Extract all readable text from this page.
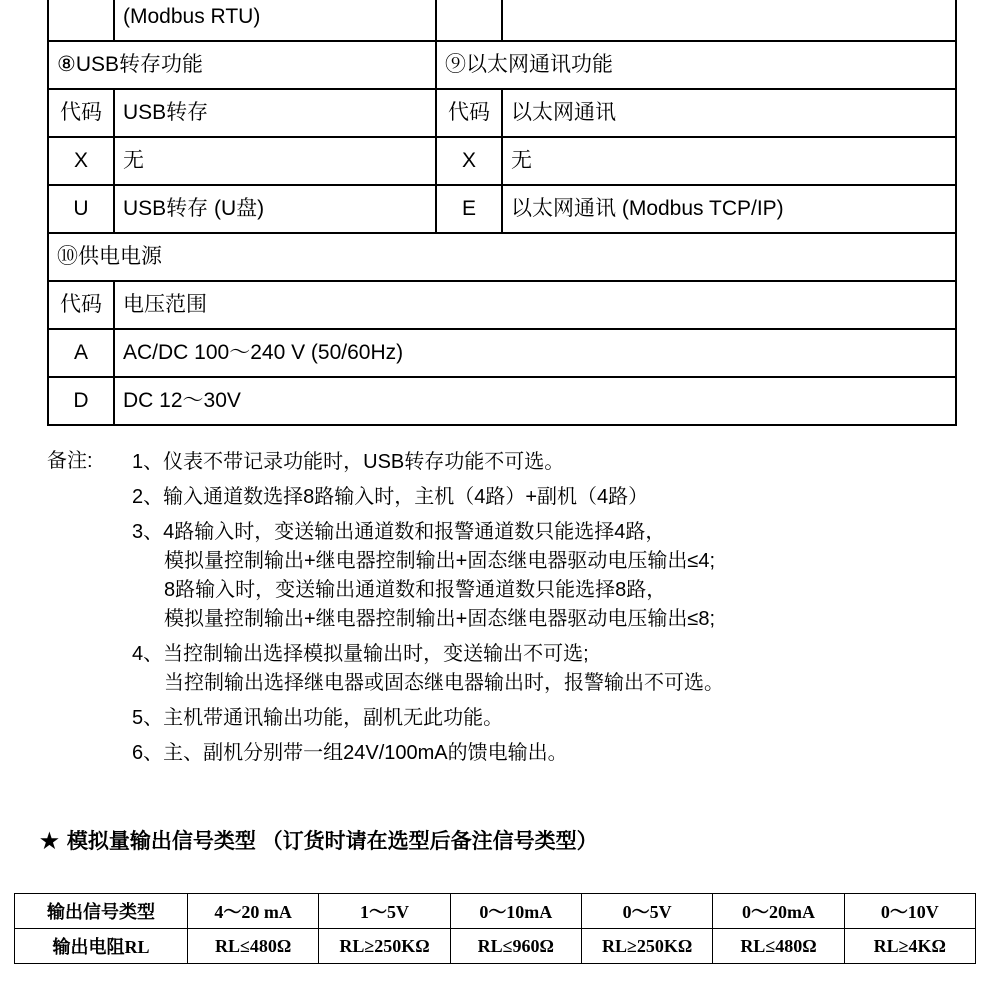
	(Modbus RTU)		
⑧USB转存功能		⑨以太网通讯功能	
代码	USB转存	代码	以太网通讯
X	无	X	无
U	USB转存 (U盘)	E	以太网通讯 (Modbus TCP/IP)
⑩供电电源			
代码	电压范围		
A	AC/DC 100～240 V (50/60Hz)		
D	DC 12～30V		
备注: 1、仪表不带记录功能时，USB转存功能不可选。
2、输入通道数选择8路输入时，主机（4路）+副机（4路）
3、4路输入时，变送输出通道数和报警通道数只能选择4路，
模拟量控制输出+继电器控制输出+固态继电器驱动电压输出≤4;
8路输入时，变送输出通道数和报警通道数只能选择8路，
模拟量控制输出+继电器控制输出+固态继电器驱动电压输出≤8;
4、当控制输出选择模拟量输出时，变送输出不可选;
当控制输出选择继电器或固态继电器输出时，报警输出不可选。
5、主机带通讯输出功能，副机无此功能。
6、主、副机分别带一组24V/100mA的馈电输出。
★ 模拟量输出信号类型 （订货时请在选型后备注信号类型）
输出信号类型	4～20 mA	1～5V	0～10mA	0～5V	0～20mA	0～10V
输出电阻RL	RL≤480Ω	RL≥250KΩ	RL≤960Ω	RL≥250KΩ	RL≤480Ω	RL≥4KΩ
